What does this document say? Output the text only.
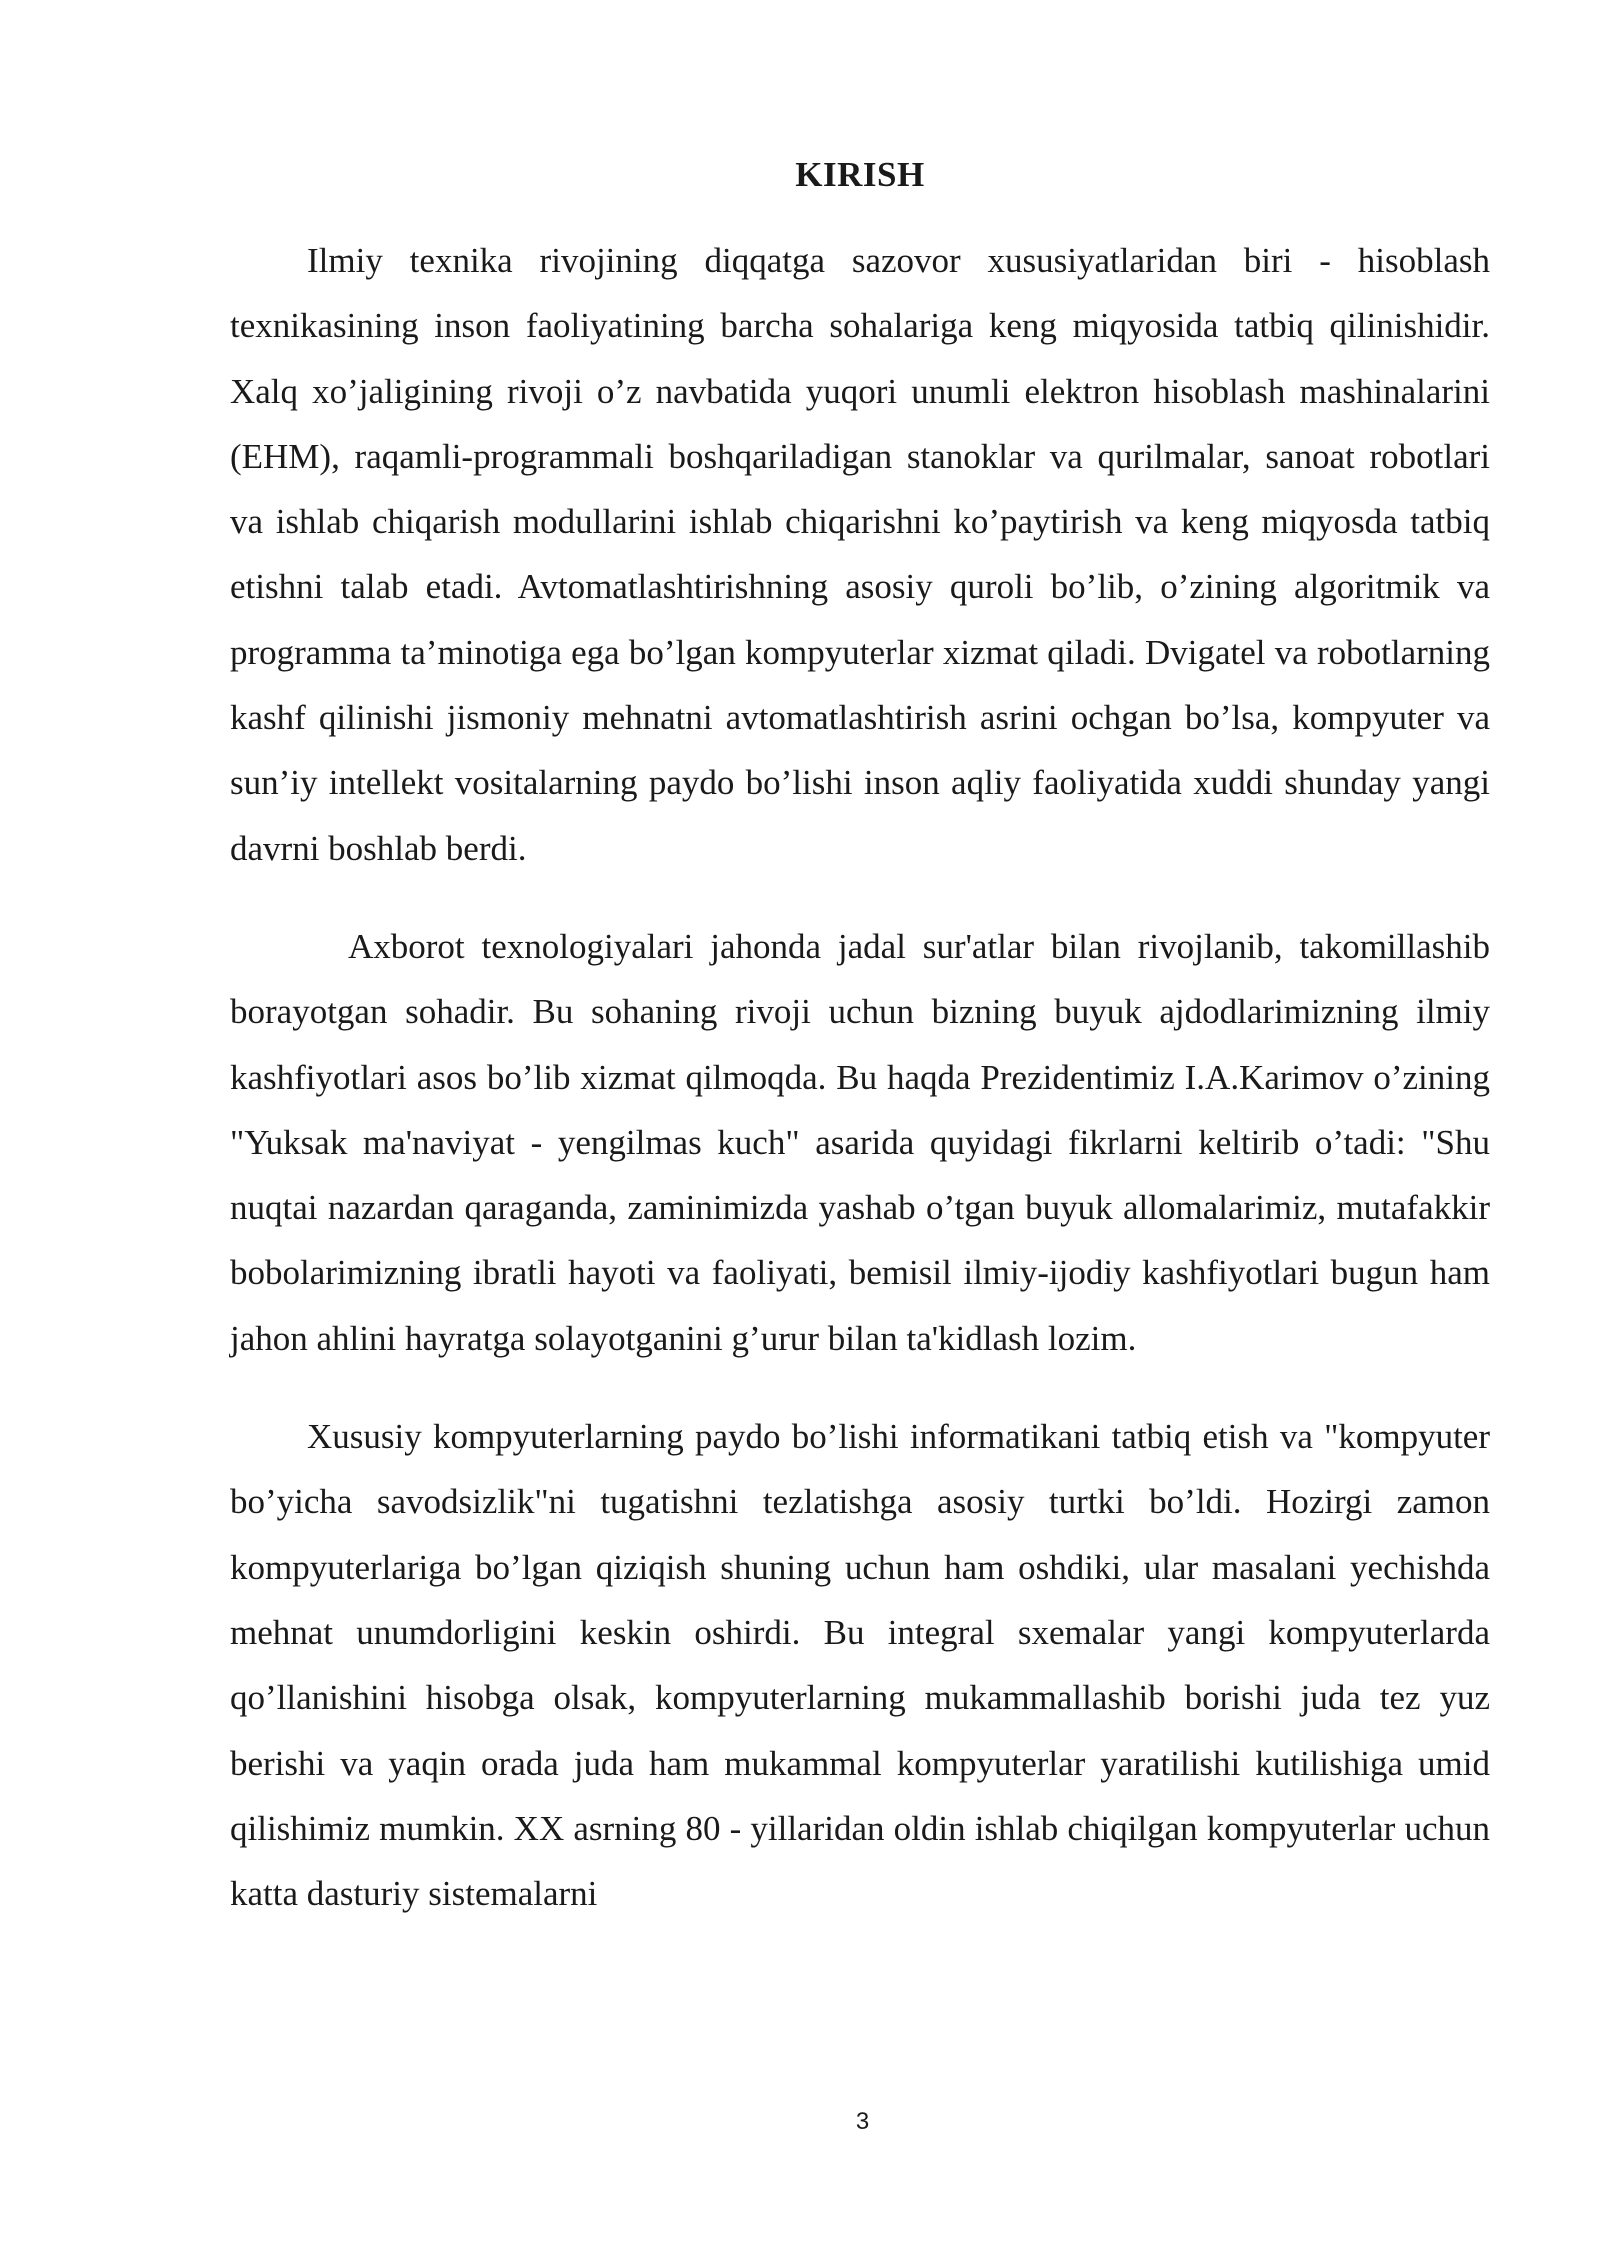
KIRISH

Ilmiy texnika rivojining diqqatga sazovor xususiyatlaridan biri - hisoblash texnikasining inson faoliyatining barcha sohalariga keng miqyosida tatbiq qilinishidir. Xalq xo’jaligining rivoji o’z navbatida yuqori unumli elektron hisoblash mashinalarini (EHM), raqamli-programmali boshqariladigan stanoklar va qurilmalar, sanoat robotlari va ishlab chiqarish modullarini ishlab chiqarishni ko’paytirish va keng miqyosda tatbiq etishni talab etadi. Avtomatlashtirishning asosiy quroli bo’lib, o’zining algoritmik va programma ta’minotiga ega bo’lgan kompyuterlar xizmat qiladi. Dvigatel va robotlarning kashf qilinishi jismoniy mehnatni avtomatlashtirish asrini ochgan bo’lsa, kompyuter va sun’iy intellekt vositalarning paydo bo’lishi inson aqliy faoliyatida xuddi shunday yangi davrni boshlab berdi.

Axborot texnologiyalari jahonda jadal sur'atlar bilan rivojlanib, takomillashib borayotgan sohadir. Bu sohaning rivoji uchun bizning buyuk ajdodlarimizning ilmiy kashfiyotlari asos bo’lib xizmat qilmoqda. Bu haqda Prezidentimiz I.A.Karimov o’zining "Yuksak ma'naviyat - yengilmas kuch" asarida quyidagi fikrlarni keltirib o’tadi: "Shu nuqtai nazardan qaraganda, zaminimizda yashab o’tgan buyuk allomalarimiz, mutafakkir bobolarimizning ibratli hayoti va faoliyati, bemisil ilmiy-ijodiy kashfiyotlari bugun ham jahon ahlini hayratga solayotganini g’urur bilan ta'kidlash lozim.

Xususiy kompyuterlarning paydo bo’lishi informatikani tatbiq etish va "kompyuter bo’yicha savodsizlik"ni tugatishni tezlatishga asosiy turtki bo’ldi. Hozirgi zamon kompyuterlariga bo’lgan qiziqish shuning uchun ham oshdiki, ular masalani yechishda mehnat unumdorligini keskin oshirdi. Bu integral sxemalar yangi kompyuterlarda qo’llanishini hisobga olsak, kompyuterlarning mukammallashib borishi juda tez yuz berishi va yaqin orada juda ham mukammal kompyuterlar yaratilishi kutilishiga umid qilishimiz mumkin. XX asrning 80 - yillaridan oldin ishlab chiqilgan kompyuterlar uchun katta dasturiy sistemalarni

3
